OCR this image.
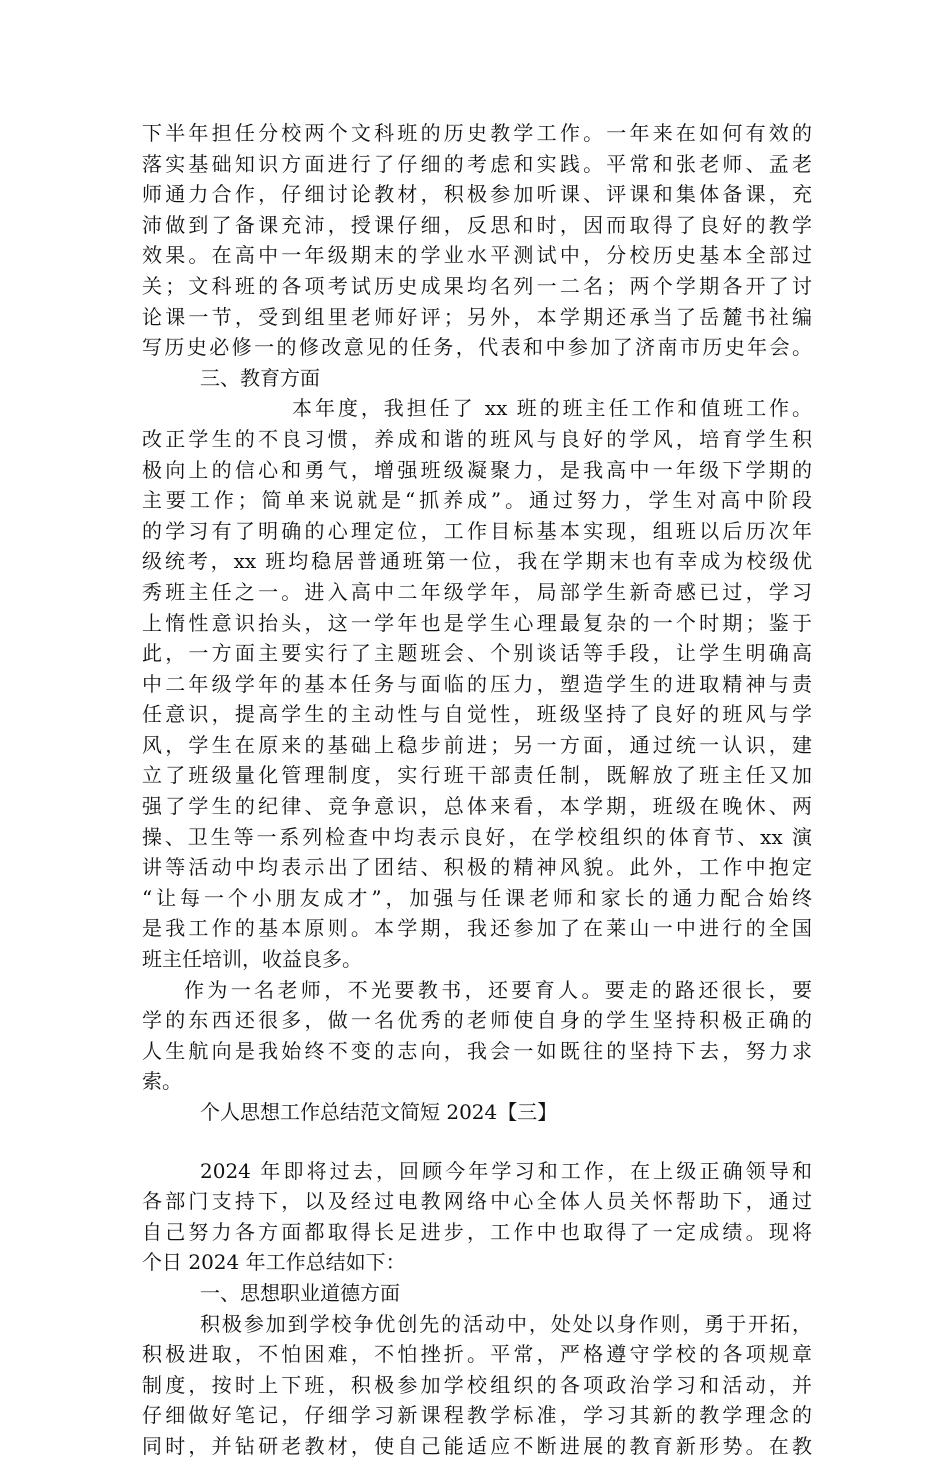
下半年担任分校两个文科班的历史教学工作。一年来在如何有效的
落实基础知识方面进行了仔细的考虑和实践。平常和张老师、孟老
师通力合作，仔细讨论教材，积极参加听课、评课和集体备课，充
沛做到了备课充沛，授课仔细，反思和时，因而取得了良好的教学
效果。在高中一年级期末的学业水平测试中，分校历史基本全部过
关；文科班的各项考试历史成果均名列一二名；两个学期各开了讨
论课一节，受到组里老师好评；另外，本学期还承当了岳麓书社编
写历史必修一的修改意见的任务，代表和中参加了济南市历史年会。
三、教育方面
本年度，我担任了 xx 班的班主任工作和值班工作。
改正学生的不良习惯，养成和谐的班风与良好的学风，培育学生积
极向上的信心和勇气，增强班级凝聚力，是我高中一年级下学期的
主要工作；简单来说就是“抓养成”。通过努力，学生对高中阶段
的学习有了明确的心理定位，工作目标基本实现，组班以后历次年
级统考，xx 班均稳居普通班第一位，我在学期末也有幸成为校级优
秀班主任之一。进入高中二年级学年，局部学生新奇感已过，学习
上惰性意识抬头，这一学年也是学生心理最复杂的一个时期；鉴于
此，一方面主要实行了主题班会、个别谈话等手段，让学生明确高
中二年级学年的基本任务与面临的压力，塑造学生的进取精神与责
任意识，提高学生的主动性与自觉性，班级坚持了良好的班风与学
风，学生在原来的基础上稳步前进；另一方面，通过统一认识，建
立了班级量化管理制度，实行班干部责任制，既解放了班主任又加
强了学生的纪律、竞争意识，总体来看，本学期，班级在晚休、两
操、卫生等一系列检查中均表示良好，在学校组织的体育节、xx 演
讲等活动中均表示出了团结、积极的精神风貌。此外，工作中抱定
“让每一个小朋友成才”，加强与任课老师和家长的通力配合始终
是我工作的基本原则。本学期，我还参加了在莱山一中进行的全国
班主任培训，收益良多。
作为一名老师，不光要教书，还要育人。要走的路还很长，要
学的东西还很多，做一名优秀的老师使自身的学生坚持积极正确的
人生航向是我始终不变的志向，我会一如既往的坚持下去，努力求
索。
个人思想工作总结范文简短 2024【三】
2024 年即将过去，回顾今年学习和工作，在上级正确领导和
各部门支持下，以及经过电教网络中心全体人员关怀帮助下，通过
自己努力各方面都取得长足进步，工作中也取得了一定成绩。现将
个日 2024 年工作总结如下：
一、思想职业道德方面
积极参加到学校争优创先的活动中，处处以身作则，勇于开拓，
积极进取，不怕困难，不怕挫折。平常，严格遵守学校的各项规章
制度，按时上下班，积极参加学校组织的各项政治学习和活动，并
仔细做好笔记，仔细学习新课程教学标准，学习其新的教学理念的
同时，并钻研老教材，使自己能适应不断进展的教育新形势。在教
